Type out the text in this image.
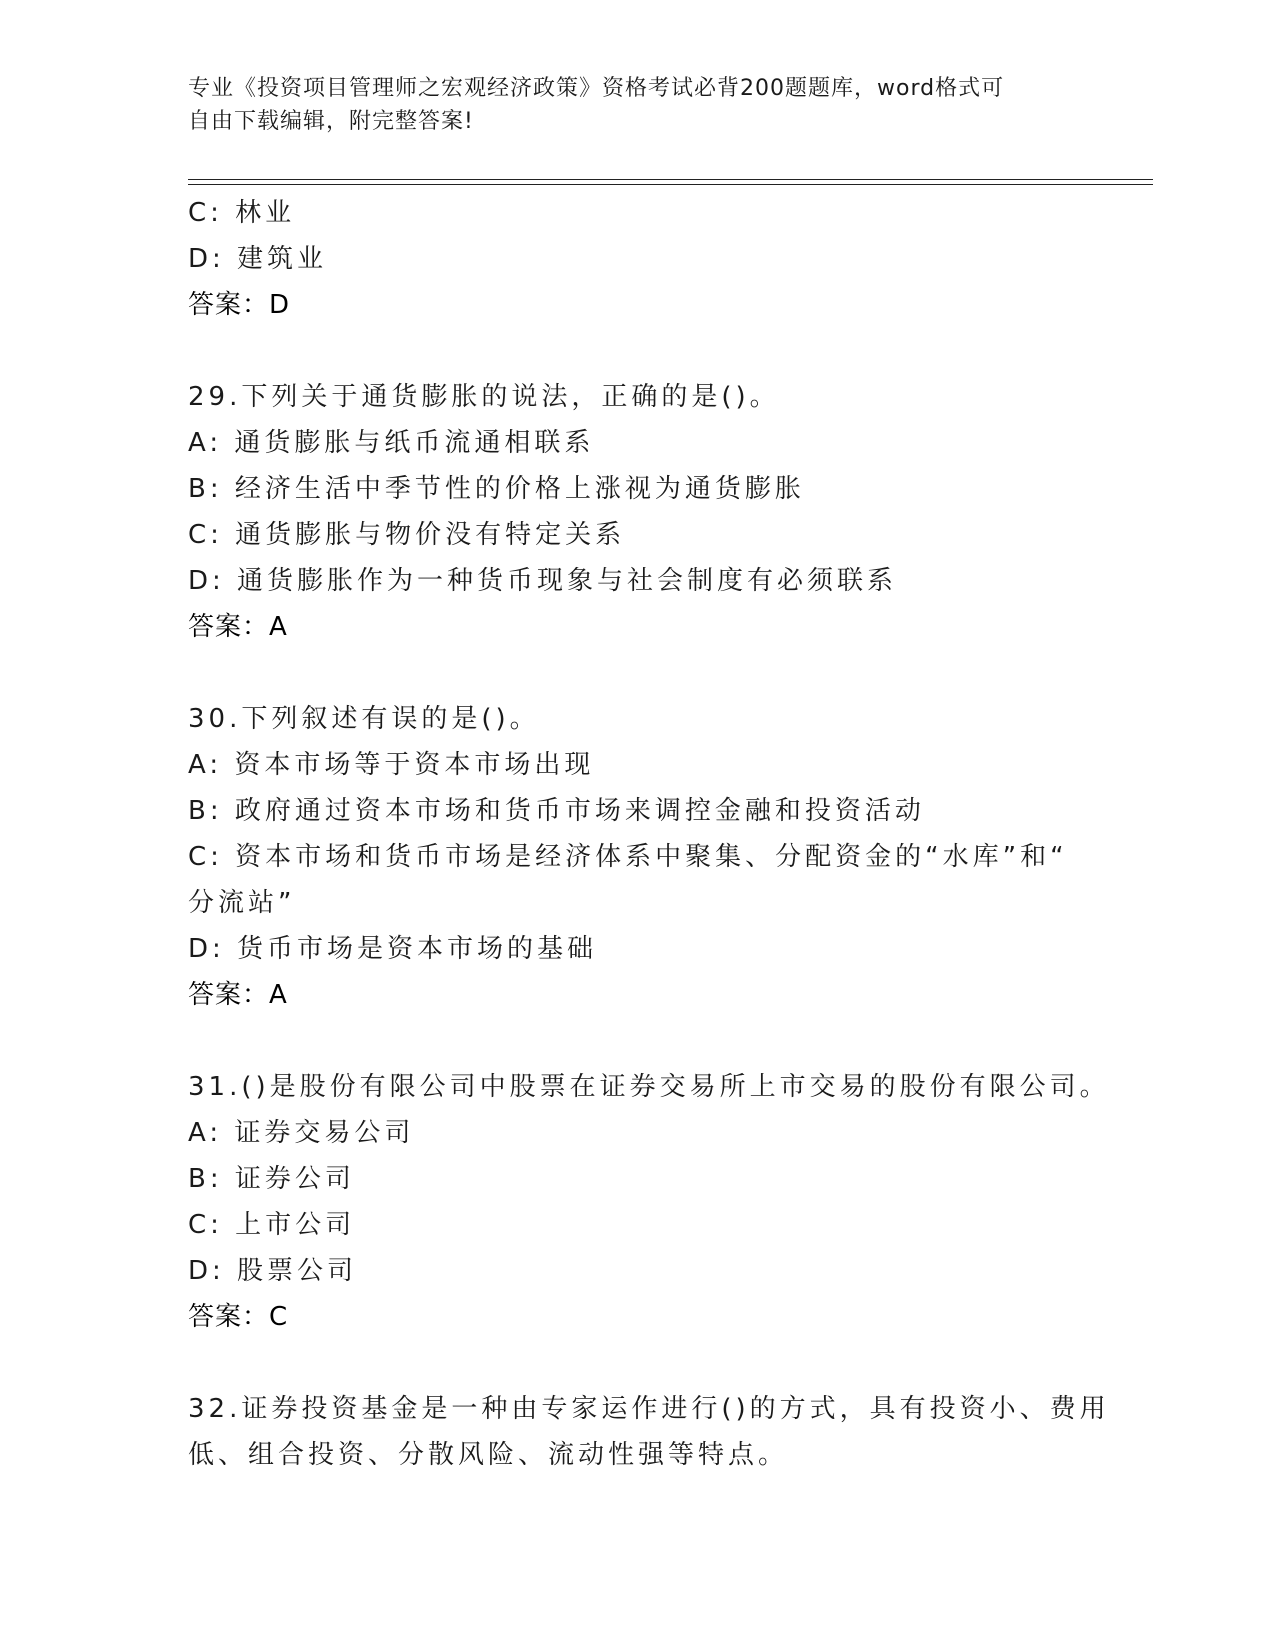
专业《投资项目管理师之宏观经济政策》资格考试必背200题题库，word格式可
自由下载编辑，附完整答案!
C: 林业
D: 建筑业
答案：D
29.下列关于通货膨胀的说法，正确的是()。
A: 通货膨胀与纸币流通相联系
B: 经济生活中季节性的价格上涨视为通货膨胀
C: 通货膨胀与物价没有特定关系
D: 通货膨胀作为一种货币现象与社会制度有必须联系
答案：A
30.下列叙述有误的是()。
A: 资本市场等于资本市场出现
B: 政府通过资本市场和货币市场来调控金融和投资活动
C: 资本市场和货币市场是经济体系中聚集、分配资金的“水库”和“
分流站”
D: 货币市场是资本市场的基础
答案：A
31.()是股份有限公司中股票在证券交易所上市交易的股份有限公司。
A: 证券交易公司
B: 证券公司
C: 上市公司
D: 股票公司
答案：C
32.证券投资基金是一种由专家运作进行()的方式，具有投资小、费用
低、组合投资、分散风险、流动性强等特点。
